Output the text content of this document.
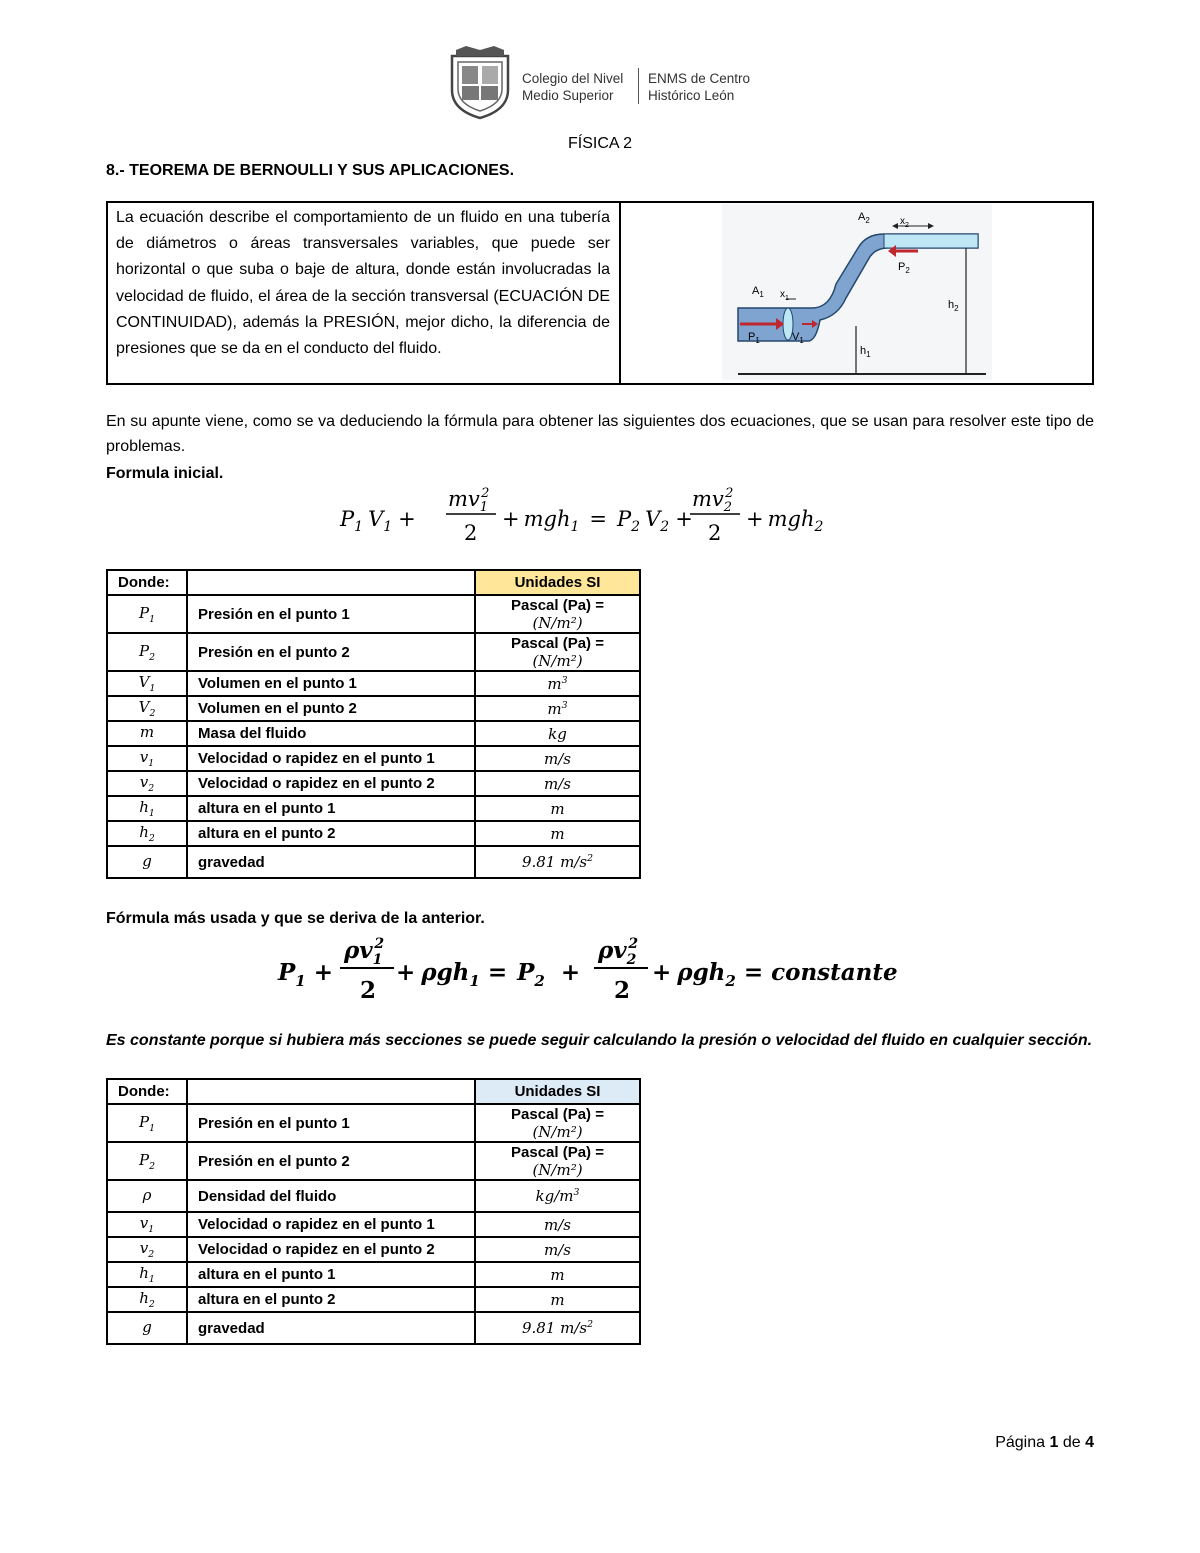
Colegio del Nivel
Medio Superior
ENMS de Centro
Histórico León
FÍSICA 2
8.- TEOREMA DE BERNOULLI Y SUS APLICACIONES.
La ecuación describe el comportamiento de un fluido en una tubería de diámetros o áreas transversales variables, que puede ser horizontal o que suba o baje de altura, donde están involucradas la velocidad de fluido, el área de la sección transversal (ECUACIÓN DE CONTINUIDAD), además la PRESIÓN, mejor dicho, la diferencia de presiones que se da en el conducto del fluido.
$A_2$	$x_2$
$P_2$
$A_1$ $x_1$
$P_1$	$V_1$
$h_1$
$h_2$
En su apunte viene, como se va deduciendo la fórmula para obtener las siguientes dos ecuaciones, que se usan para resolver este tipo de problemas.
Formula inicial.
$P_1$ $V_1$ +
$mv_12$
2
+ $mgh_1 = P_2$ $V_2$ +
$mv_22$
2
+ mgh$_2$
Donde:		Unidades SI
$P_1$	Presión en el punto 1	Pascal (Pa) = (N/m²)
$P_2$	Presión en el punto 2	Pascal (Pa) = (N/m²)
$V_1$	Volumen en el punto 1	$m^3$
$V_2$	Volumen en el punto 2	$m^3$
m	Masa del fluido	kg
$v_1$	Velocidad o rapidez en el punto 1	m/s
$v_2$	Velocidad o rapidez en el punto 2	m/s
$h_1$	altura en el punto 1	m
$h_2$	altura en el punto 2	m
g	gravedad	9.81 $m/s^2$
Fórmula más usada y que se deriva de la anterior.
$P_1$ +
$\rho v_12$
2
+ $\rho gh_1 = P_2$ +
$\rho v_22$
2
+ ρgh$_2$ = constante
Es constante porque si hubiera más secciones se puede seguir calculando la presión o velocidad del fluido en cualquier sección.
Donde:		Unidades SI
$P_1$	Presión en el punto 1	Pascal (Pa) = (N/m²)
$P_2$	Presión en el punto 2	Pascal (Pa) = (N/m²)
ρ	Densidad del fluido	$kg/m^3$
$v_1$	Velocidad o rapidez en el punto 1	m/s
$v_2$	Velocidad o rapidez en el punto 2	m/s
$h_1$	altura en el punto 1	m
$h_2$	altura en el punto 2	m
g	gravedad	9.81 $m/s^2$
Página 1 de 4
